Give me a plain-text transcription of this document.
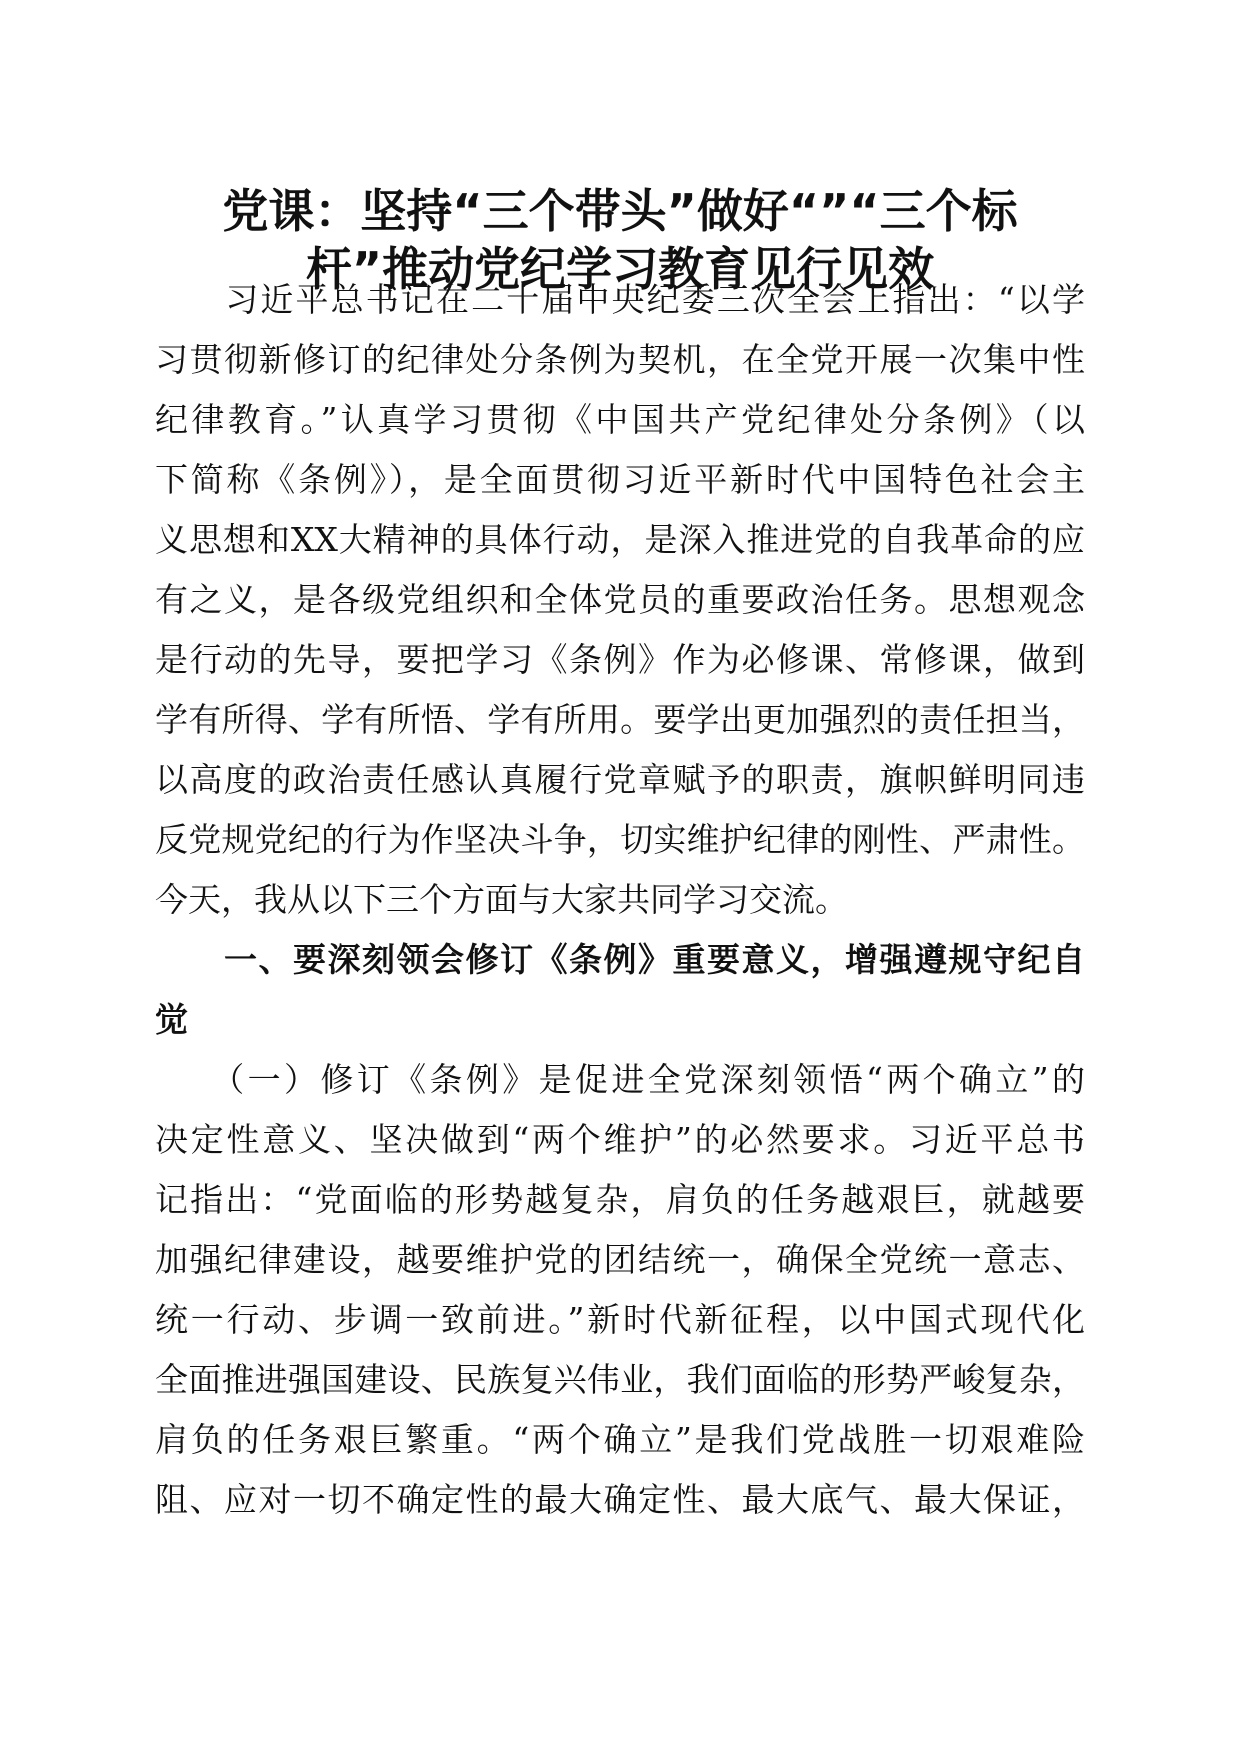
党课：坚持“三个带头”做好“”“三个标
杆”推动党纪学习教育见行见效
　　习近平总书记在二十届中央纪委三次全会上指出：“以学
习贯彻新修订的纪律处分条例为契机，在全党开展一次集中性
纪律教育。”认真学习贯彻《中国共产党纪律处分条例》（以
下简称《条例》），是全面贯彻习近平新时代中国特色社会主
义思想和XX大精神的具体行动，是深入推进党的自我革命的应
有之义，是各级党组织和全体党员的重要政治任务。思想观念
是行动的先导，要把学习《条例》作为必修课、常修课，做到
学有所得、学有所悟、学有所用。要学出更加强烈的责任担当，
以高度的政治责任感认真履行党章赋予的职责，旗帜鲜明同违
反党规党纪的行为作坚决斗争，切实维护纪律的刚性、严肃性。
今天，我从以下三个方面与大家共同学习交流。
　　一、要深刻领会修订《条例》重要意义，增强遵规守纪自
觉
　　（一）修订《条例》是促进全党深刻领悟“两个确立”的
决定性意义、坚决做到“两个维护”的必然要求。习近平总书
记指出：“党面临的形势越复杂，肩负的任务越艰巨，就越要
加强纪律建设，越要维护党的团结统一，确保全党统一意志、
统一行动、步调一致前进。”新时代新征程，以中国式现代化
全面推进强国建设、民族复兴伟业，我们面临的形势严峻复杂，
肩负的任务艰巨繁重。“两个确立”是我们党战胜一切艰难险
阻、应对一切不确定性的最大确定性、最大底气、最大保证，
